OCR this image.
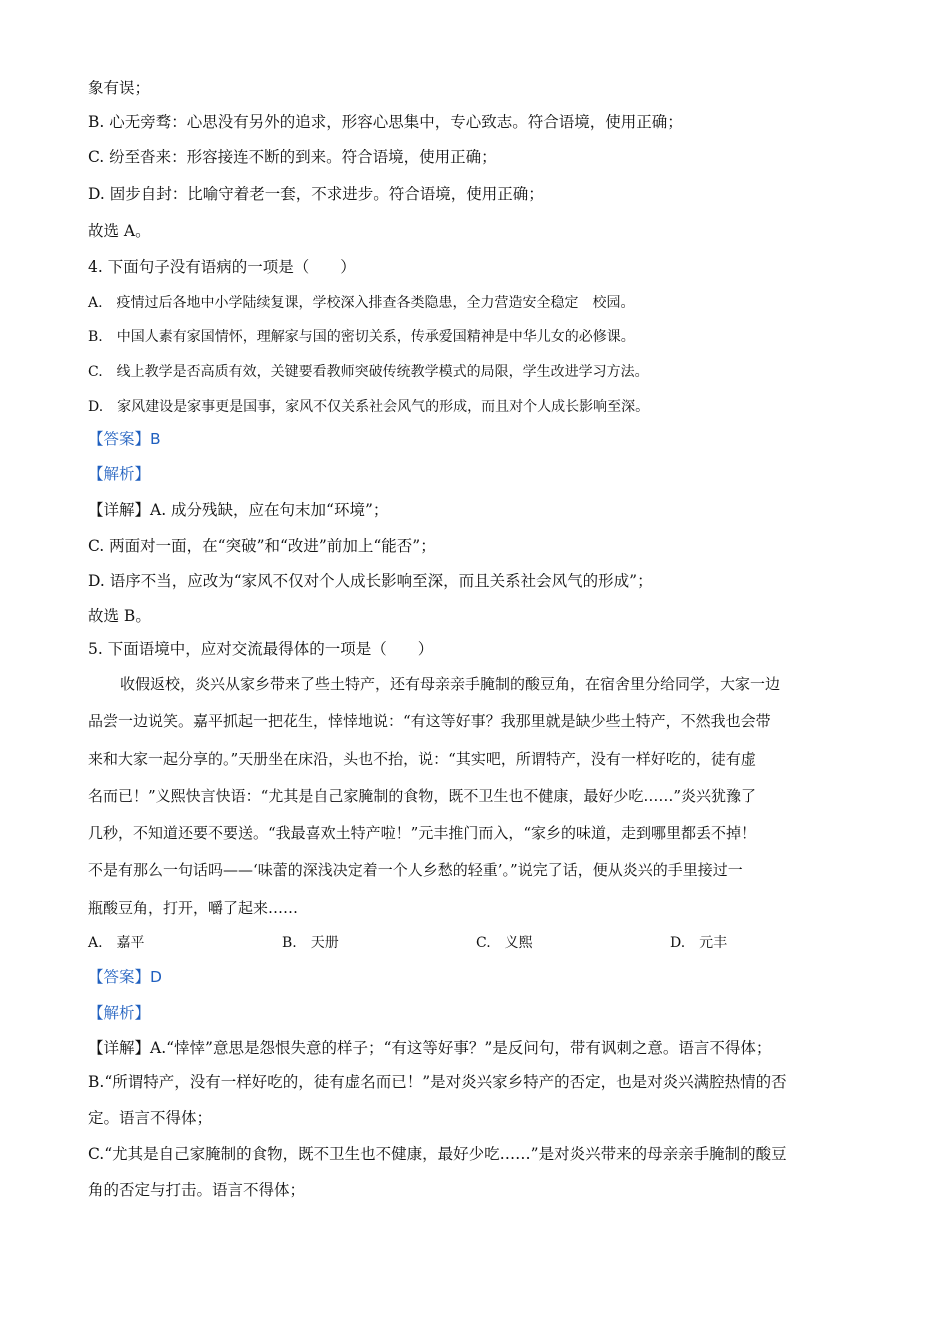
象有误；
B. 心无旁骛：心思没有另外的追求，形容心思集中，专心致志。符合语境，使用正确；
C. 纷至沓来：形容接连不断的到来。符合语境，使用正确；
D. 固步自封：比喻守着老一套，不求进步。符合语境，使用正确；
故选 A。
4. 下面句子没有语病的一项是（　　）
A.　疫情过后各地中小学陆续复课，学校深入排查各类隐患，全力营造安全稳定　校园。
B.　中国人素有家国情怀，理解家与国的密切关系，传承爱国精神是中华儿女的必修课。
C.　线上教学是否高质有效，关键要看教师突破传统教学模式的局限，学生改进学习方法。
D.　家风建设是家事更是国事，家风不仅关系社会风气的形成，而且对个人成长影响至深。
【答案】B
【解析】
【详解】A. 成分残缺，应在句末加“环境”；
C. 两面对一面，在“突破”和“改进”前加上“能否”；
D. 语序不当，应改为“家风不仅对个人成长影响至深，而且关系社会风气的形成”；
故选 B。
5. 下面语境中，应对交流最得体的一项是（　　）
收假返校，炎兴从家乡带来了些土特产，还有母亲亲手腌制的酸豆角，在宿舍里分给同学，大家一边
品尝一边说笑。嘉平抓起一把花生，悻悻地说：“有这等好事？我那里就是缺少些土特产，不然我也会带
来和大家一起分享的。”天册坐在床沿，头也不抬，说：“其实吧，所谓特产，没有一样好吃的，徒有虚
名而已！”义熙快言快语：“尤其是自己家腌制的食物，既不卫生也不健康，最好少吃……”炎兴犹豫了
几秒，不知道还要不要送。“我最喜欢土特产啦！”元丰推门而入，“家乡的味道，走到哪里都丢不掉！
不是有那么一句话吗——‘味蕾的深浅决定着一个人乡愁的轻重’。”说完了话，便从炎兴的手里接过一
瓶酸豆角，打开，嚼了起来……
A.　嘉平	B.　天册	C.　义熙	D.　元丰
【答案】D
【解析】
【详解】A.“悻悻”意思是怨恨失意的样子；“有这等好事？”是反问句，带有讽刺之意。语言不得体；
B.“所谓特产，没有一样好吃的，徒有虚名而已！”是对炎兴家乡特产的否定，也是对炎兴满腔热情的否
定。语言不得体；
C.“尤其是自己家腌制的食物，既不卫生也不健康，最好少吃……”是对炎兴带来的母亲亲手腌制的酸豆
角的否定与打击。语言不得体；
